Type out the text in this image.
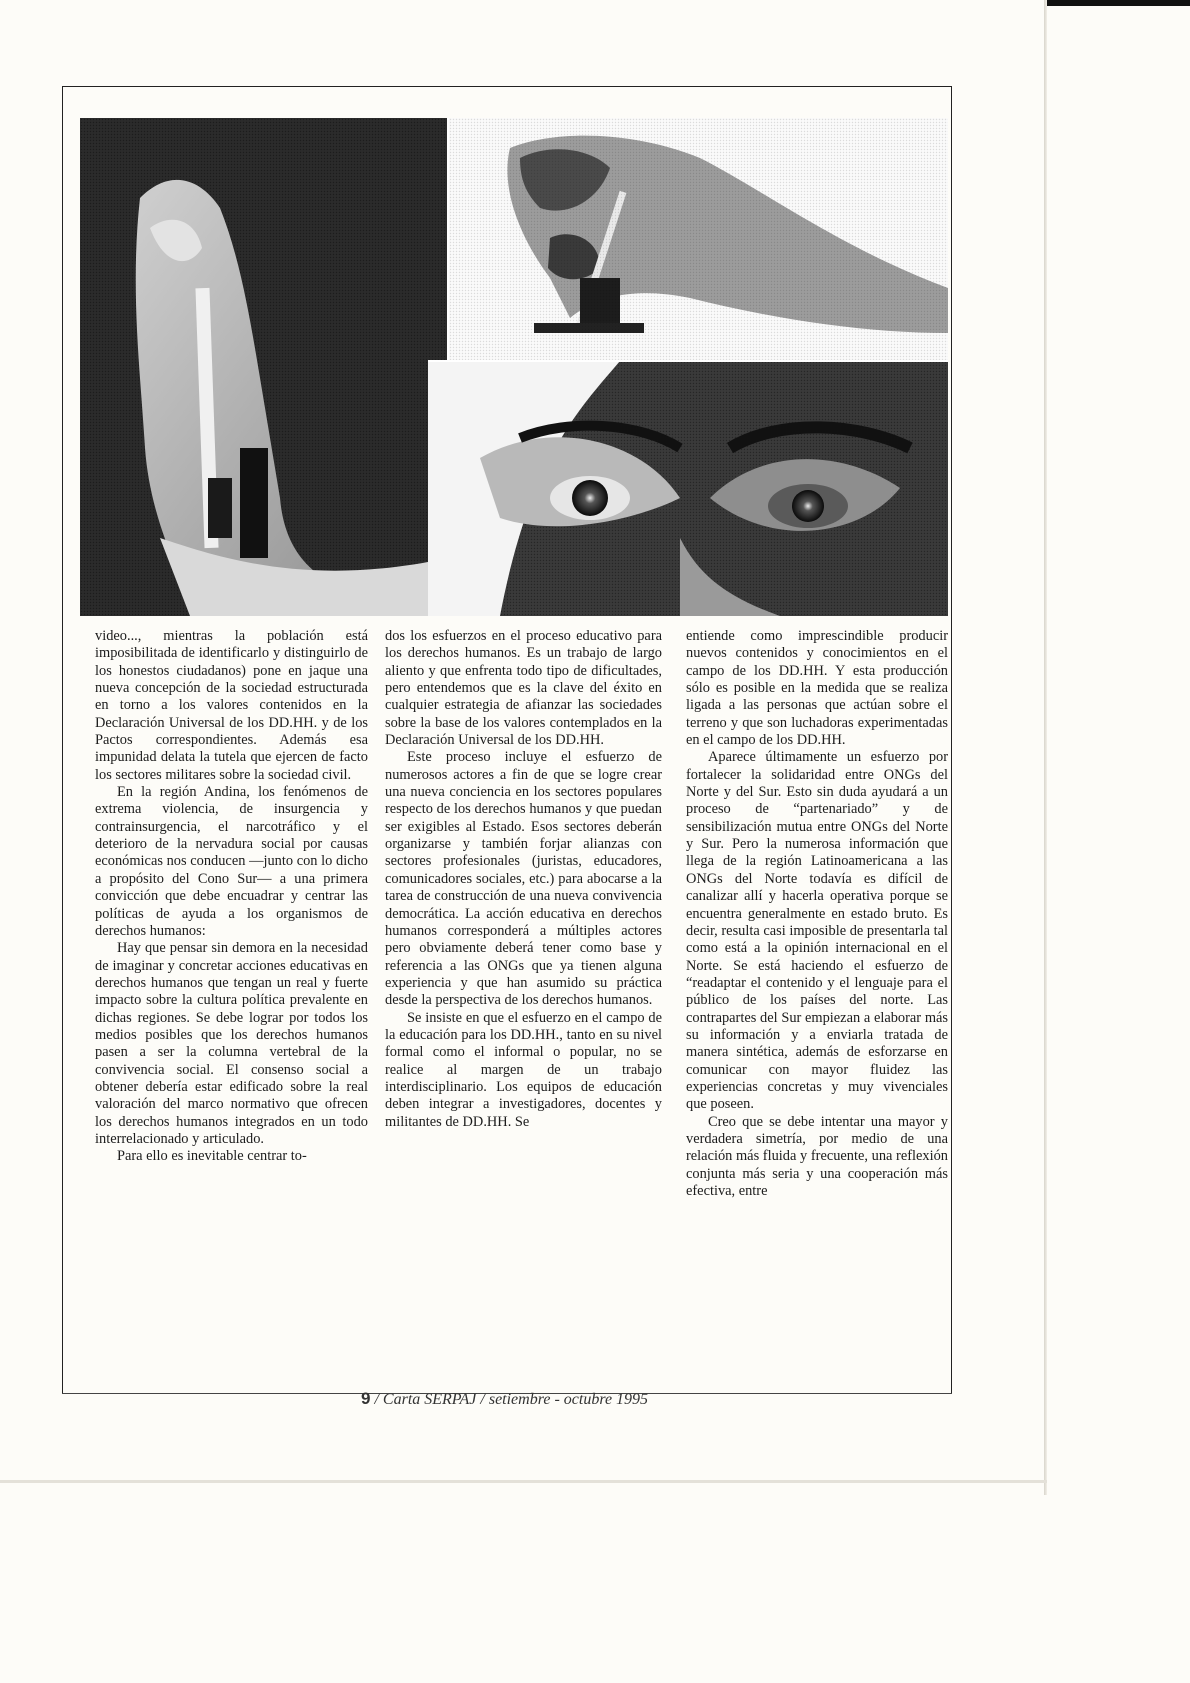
video..., mientras la población está imposibilitada de identificarlo y distinguirlo de los honestos ciudadanos) pone en jaque una nueva concepción de la sociedad estructurada en torno a los valores contenidos en la Declaración Universal de los DD.HH. y de los Pactos correspondientes. Además esa impunidad delata la tutela que ejercen de facto los sectores militares sobre la sociedad civil.

En la región Andina, los fenómenos de extrema violencia, de insurgencia y contrainsurgencia, el narcotráfico y el deterioro de la nervadura social por causas económicas nos conducen —junto con lo dicho a propósito del Cono Sur— a una primera convicción que debe encuadrar y centrar las políticas de ayuda a los organismos de derechos humanos:

Hay que pensar sin demora en la necesidad de imaginar y concretar acciones educativas en derechos humanos que tengan un real y fuerte impacto sobre la cultura política prevalente en dichas regiones. Se debe lograr por todos los medios posibles que los derechos humanos pasen a ser la columna vertebral de la convivencia social. El consenso social a obtener debería estar edificado sobre la real valoración del marco normativo que ofrecen los derechos humanos integrados en un todo interrelacionado y articulado.

Para ello es inevitable centrar to-

dos los esfuerzos en el proceso educativo para los derechos humanos. Es un trabajo de largo aliento y que enfrenta todo tipo de dificultades, pero entendemos que es la clave del éxito en cualquier estrategia de afianzar las sociedades sobre la base de los valores contemplados en la Declaración Universal de los DD.HH.

Este proceso incluye el esfuerzo de numerosos actores a fin de que se logre crear una nueva conciencia en los sectores populares respecto de los derechos humanos y que puedan ser exigibles al Estado. Esos sectores deberán organizarse y también forjar alianzas con sectores profesionales (juristas, educadores, comunicadores sociales, etc.) para abocarse a la tarea de construcción de una nueva convivencia democrática. La acción educativa en derechos humanos corresponderá a múltiples actores pero obviamente deberá tener como base y referencia a las ONGs que ya tienen alguna experiencia y que han asumido su práctica desde la perspectiva de los derechos humanos.

Se insiste en que el esfuerzo en el campo de la educación para los DD.HH., tanto en su nivel formal como el informal o popular, no se realice al margen de un trabajo interdisciplinario. Los equipos de educación deben integrar a investigadores, docentes y militantes de DD.HH. Se

entiende como imprescindible producir nuevos contenidos y conocimientos en el campo de los DD.HH. Y esta producción sólo es posible en la medida que se realiza ligada a las personas que actúan sobre el terreno y que son luchadoras experimentadas en el campo de los DD.HH.

Aparece últimamente un esfuerzo por fortalecer la solidaridad entre ONGs del Norte y del Sur. Esto sin duda ayudará a un proceso de “partenariado” y de sensibilización mutua entre ONGs del Norte y Sur. Pero la numerosa información que llega de la región Latinoamericana a las ONGs del Norte todavía es difícil de canalizar allí y hacerla operativa porque se encuentra generalmente en estado bruto. Es decir, resulta casi imposible de presentarla tal como está a la opinión internacional en el Norte. Se está haciendo el esfuerzo de “readaptar el contenido y el lenguaje para el público de los países del norte. Las contrapartes del Sur empiezan a elaborar más su información y a enviarla tratada de manera sintética, además de esforzarse en comunicar con mayor fluidez las experiencias concretas y muy vivenciales que poseen.

Creo que se debe intentar una mayor y verdadera simetría, por medio de una relación más fluida y frecuente, una reflexión conjunta más seria y una cooperación más efectiva, entre

9 / Carta SERPAJ / setiembre - octubre 1995
